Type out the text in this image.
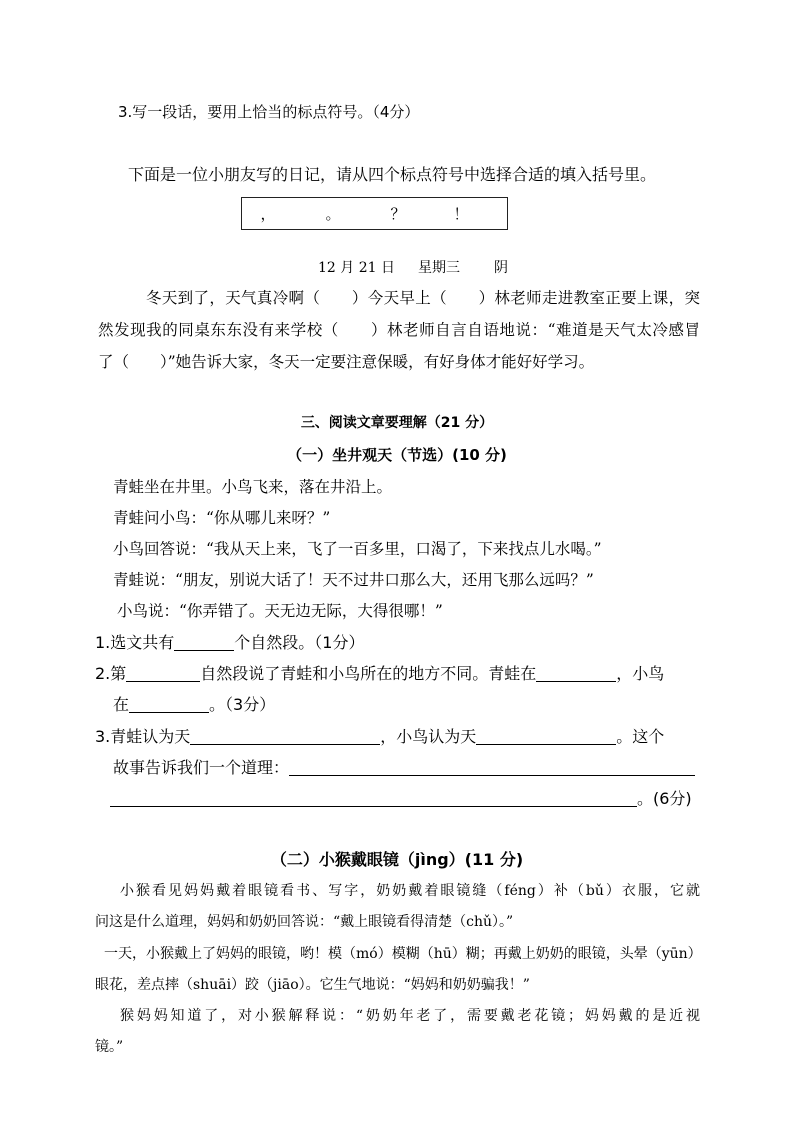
3.写一段话，要用上恰当的标点符号。（4分）
下面是一位小朋友写的日记，请从四个标点符号中选择合适的填入括号里。
，	。	？	！
12 月 21 日 星期三 阴
冬天到了，天气真冷啊（　　）今天早上（　　）林老师走进教室正要上课，突
然发现我的同桌东东没有来学校（　　）林老师自言自语地说：“难道是天气太冷感冒
了（　　）”她告诉大家，冬天一定要注意保暖，有好身体才能好好学习。
三、阅读文章要理解（21 分）
（一）坐井观天（节选）(10 分)
青蛙坐在井里。小鸟飞来，落在井沿上。
青蛙问小鸟：“你从哪儿来呀？”
小鸟回答说：“我从天上来，飞了一百多里，口渴了，下来找点儿水喝。”
青蛙说：“朋友，别说大话了！天不过井口那么大，还用飞那么远吗？”
小鸟说：“你弄错了。天无边无际，大得很哪！”
1.选文共有	个自然段。（1分）
2.第	自然段说了青蛙和小鸟所在的地方不同。青蛙在	，小鸟
在	。（3分）
3.青蛙认为天	，小鸟认为天	。这个
故事告诉我们一个道理：
。(6分)
（二）小猴戴眼镜（jìng）(11 分)
小猴看见妈妈戴着眼镜看书、写字，奶奶戴着眼镜缝（féng）补（bǔ）衣服，它就
问这是什么道理，妈妈和奶奶回答说：“戴上眼镜看得清楚（chǔ）。”
一天，小猴戴上了妈妈的眼镜，哟！模（mó）模糊（hū）糊；再戴上奶奶的眼镜，头晕（yūn）
眼花，差点摔（shuāi）跤（jiāo）。它生气地说：“妈妈和奶奶骗我！”
猴妈妈知道了，对小猴解释说：“奶奶年老了，需要戴老花镜；妈妈戴的是近视
镜。”
